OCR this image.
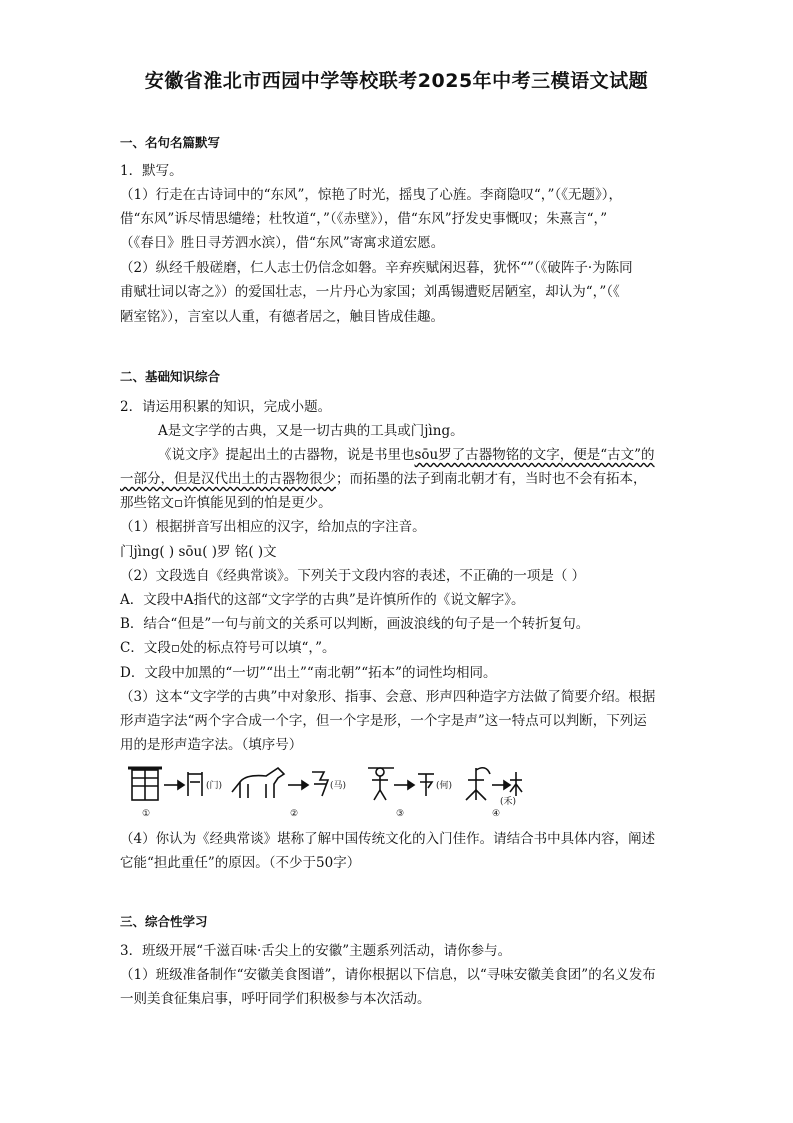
安徽省淮北市西园中学等校联考2025年中考三模语文试题
一、名句名篇默写
1．默写。
（1）行走在古诗词中的“东风”，惊艳了时光，摇曳了心旌。李商隐叹“，”（《无题》），
借“东风”诉尽情思缱绻；杜牧道“，”（《赤壁》），借“东风”抒发史事慨叹；朱熹言“，”
（《春日》胜日寻芳泗水滨），借“东风”寄寓求道宏愿。
（2）纵经千般磋磨，仁人志士仍信念如磐。辛弃疾赋闲迟暮，犹怀“”（《破阵子·为陈同
甫赋壮词以寄之》）的爱国壮志，一片丹心为家国；刘禹锡遭贬居陋室，却认为“，”（《
陋室铭》），言室以人重，有德者居之，触目皆成佳趣。
二、基础知识综合
2．请运用积累的知识，完成小题。
A是文字学的古典，又是一切古典的工具或门jìng。
《说文序》提起出土的古器物，说是书里也sōu罗了古器物铭的文字，便是“古文”的
一部分，但是汉代出土的古器物很少；而拓墨的法子到南北朝才有，当时也不会有拓本，
那些铭文▫许慎能见到的怕是更少。
（1）根据拼音写出相应的汉字，给加点的字注音。
门jìng( ) sōu( )罗 铭( )文
（2）文段选自《经典常谈》。下列关于文段内容的表述，不正确的一项是（ ）
A．文段中A指代的这部“文字学的古典”是许慎所作的《说文解字》。
B．结合“但是”一句与前文的关系可以判断，画波浪线的句子是一个转折复句。
C．文段▫处的标点符号可以填“，”。
D．文段中加黑的“一切”“出土”“南北朝”“拓本”的词性均相同。
（3）这本“文字学的古典”中对象形、指事、会意、形声四种造字方法做了简要介绍。根据
形声造字法“两个字合成一个字，但一个字是形，一个字是声”这一特点可以判断，下列运
用的是形声造字法。（填序号）
(门)
①
(马)
②
(何)
③
(禾)
④
（4）你认为《经典常谈》堪称了解中国传统文化的入门佳作。请结合书中具体内容，阐述
它能“担此重任”的原因。（不少于50字）
三、综合性学习
3．班级开展“千滋百味·舌尖上的安徽”主题系列活动，请你参与。
（1）班级准备制作“安徽美食图谱”，请你根据以下信息，以“寻味安徽美食团”的名义发布
一则美食征集启事，呼吁同学们积极参与本次活动。
